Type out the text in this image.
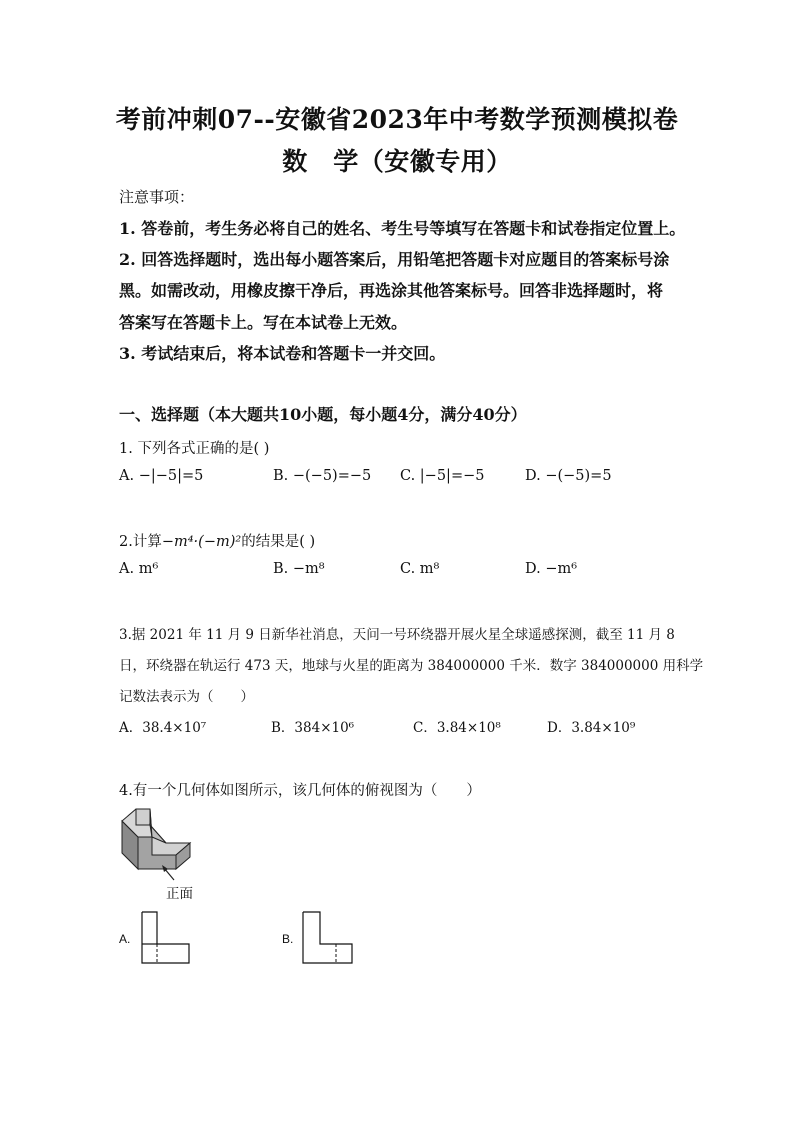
考前冲刺07--安徽省2023年中考数学预测模拟卷
数　学（安徽专用）
注意事项：
1. 答卷前，考生务必将自己的姓名、考生号等填写在答题卡和试卷指定位置上。
2. 回答选择题时，选出每小题答案后，用铅笔把答题卡对应题目的答案标号涂
黑。如需改动，用橡皮擦干净后，再选涂其他答案标号。回答非选择题时，将
答案写在答题卡上。写在本试卷上无效。
3. 考试结束后，将本试卷和答题卡一并交回。
一、选择题（本大题共10小题，每小题4分，满分40分）
1. 下列各式正确的是( )
A. −|−5|=5	B. −(−5)=−5 C. |−5|=−5	D. −(−5)=5
2.计算−m⁴·(−m)²的结果是( )
A. m⁶	B. −m⁸	C. m⁸	D. −m⁶
3.据 2021 年 11 月 9 日新华社消息，天问一号环绕器开展火星全球遥感探测，截至 11 月 8
日，环绕器在轨运行 473 天，地球与火星的距离为 384000000 千米．数字 384000000 用科学
记数法表示为（　　）
A．38.4×10⁷	B．384×10⁶	C．3.84×10⁸	D．3.84×10⁹
4.有一个几何体如图所示，该几何体的俯视图为（　　）
正面
A.	B.
